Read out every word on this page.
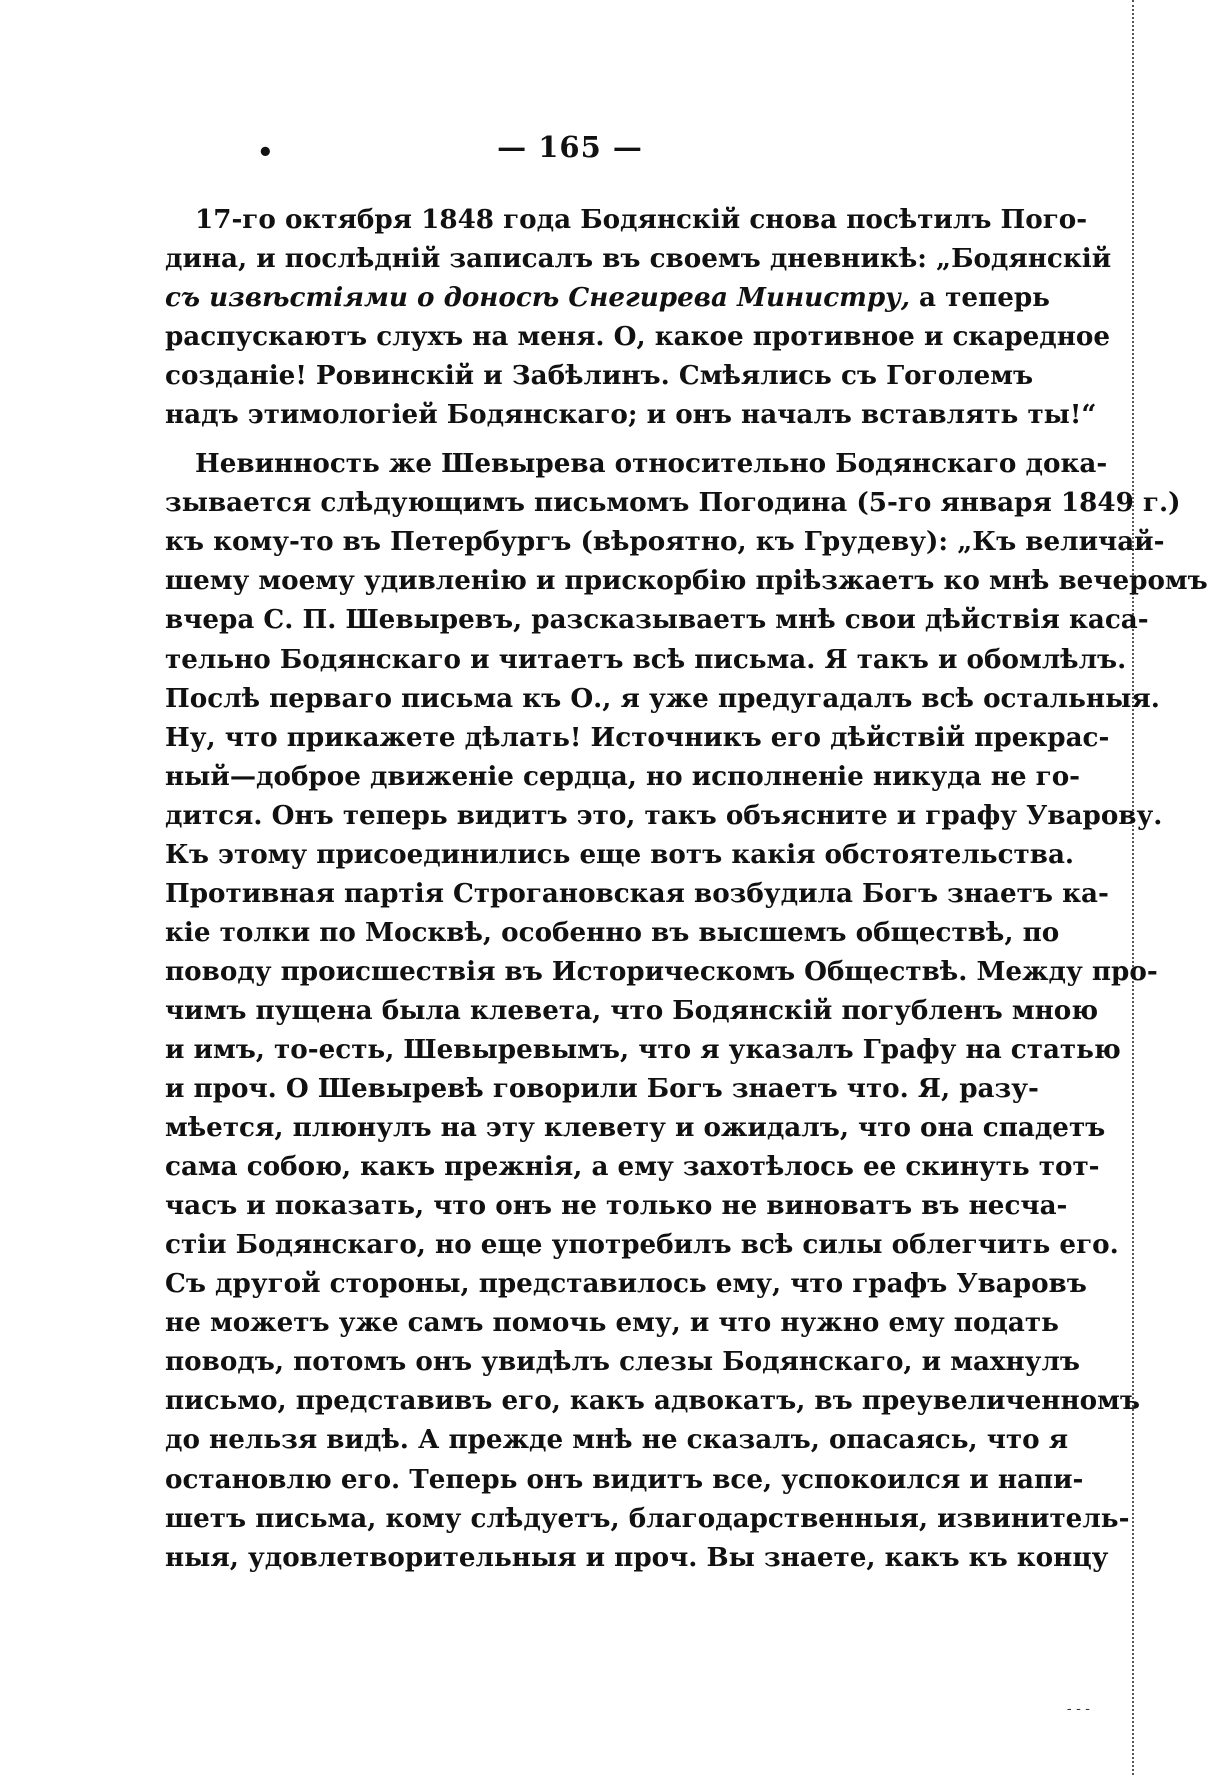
•	— 165 —
17-го октября 1848 года Бодянскій снова посѣтилъ Пого-
дина, и послѣдній записалъ въ своемъ дневникѣ: „Бодянскій
съ извѣстіями о доносѣ Снегирева Министру, а теперь
распускаютъ слухъ на меня. О, какое противное и скаредное
созданіе! Ровинскій и Забѣлинъ. Смѣялись съ Гоголемъ
надъ этимологіей Бодянскаго; и онъ началъ вставлять ты!“
Невинность же Шевырева относительно Бодянскаго дока-
зывается слѣдующимъ письмомъ Погодина (5-го января 1849 г.)
къ кому-то въ Петербургъ (вѣроятно, къ Грудеву): „Къ величай-
шему моему удивленію и прискорбію прiѣзжаетъ ко мнѣ вечеромъ
вчера С. П. Шевыревъ, разсказываетъ мнѣ свои дѣйствія каса-
тельно Бодянскаго и читаетъ всѣ письма. Я такъ и обомлѣлъ.
Послѣ перваго письма къ О., я уже предугадалъ всѣ остальныя.
Ну, что прикажете дѣлать! Источникъ его дѣйствій прекрас-
ный—доброе движеніе сердца, но исполненіе никуда не го-
дится. Онъ теперь видитъ это, такъ объясните и графу Уварову.
Къ этому присоединились еще вотъ какія обстоятельства.
Противная партія Строгановская возбудила Богъ знаетъ ка-
кіе толки по Москвѣ, особенно въ высшемъ обществѣ, по
поводу происшествія въ Историческомъ Обществѣ. Между про-
чимъ пущена была клевета, что Бодянскій погубленъ мною
и имъ, то-есть, Шевыревымъ, что я указалъ Графу на статью
и проч. О Шевыревѣ говорили Богъ знаетъ что. Я, разу-
мѣется, плюнулъ на эту клевету и ожидалъ, что она спадетъ
сама собою, какъ прежнія, а ему захотѣлось ее скинуть тот-
часъ и показать, что онъ не только не виноватъ въ несча-
стіи Бодянскаго, но еще употребилъ всѣ силы облегчить его.
Съ другой стороны, представилось ему, что графъ Уваровъ
не можетъ уже самъ помочь ему, и что нужно ему подать
поводъ, потомъ онъ увидѣлъ слезы Бодянскаго, и махнулъ
письмо, представивъ его, какъ адвокатъ, въ преувеличенномъ
до нельзя видѣ. А прежде мнѣ не сказалъ, опасаясь, что я
остановлю его. Теперь онъ видитъ все, успокоился и напи-
шетъ письма, кому слѣдуетъ, благодарственныя, извинитель-
ныя, удовлетворительныя и проч. Вы знаете, какъ къ концу
- - -
